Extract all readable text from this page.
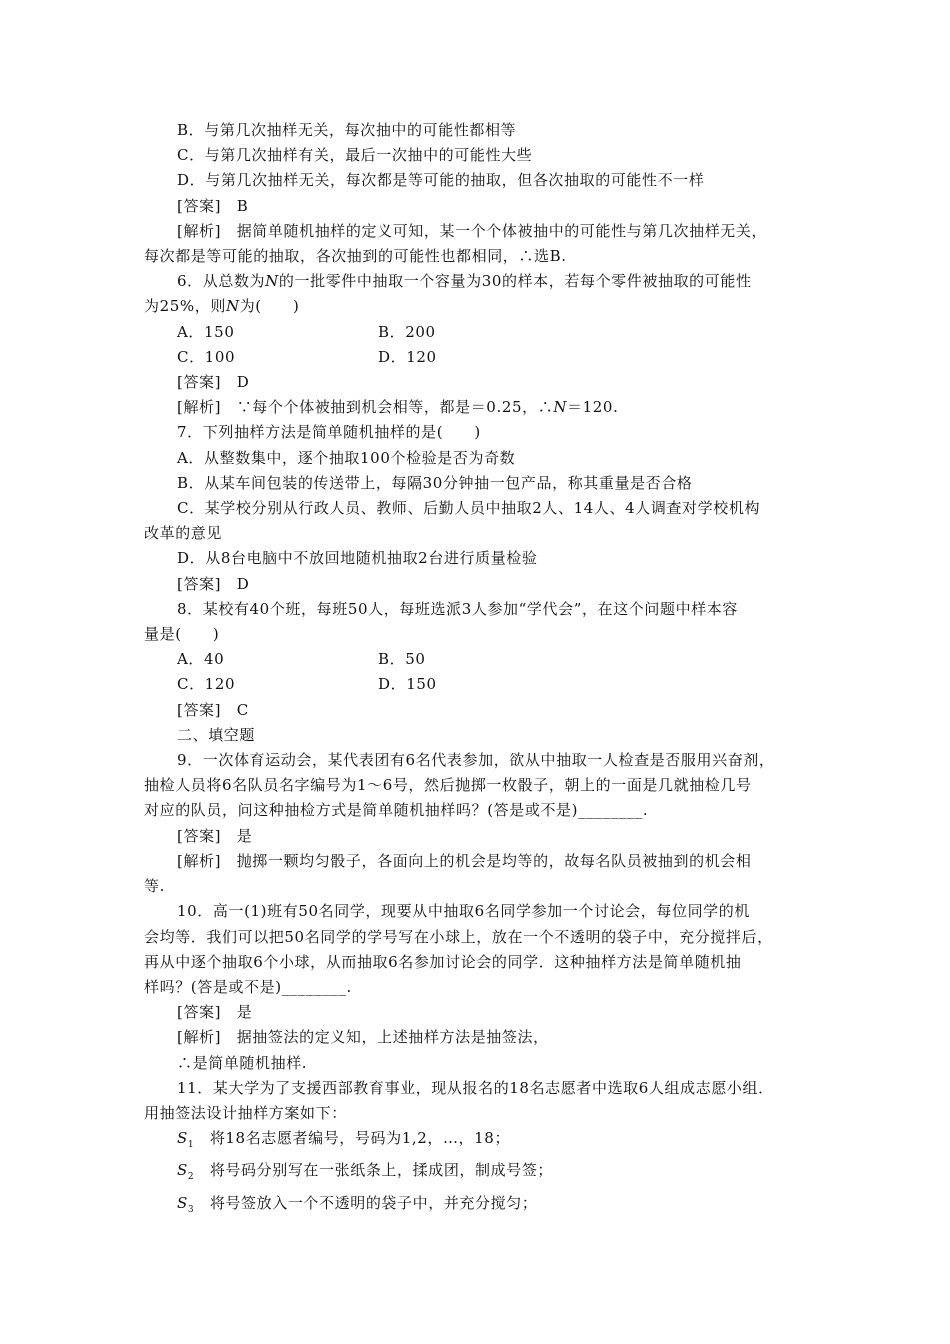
B．与第几次抽样无关，每次抽中的可能性都相等
C．与第几次抽样有关，最后一次抽中的可能性大些
D．与第几次抽样无关，每次都是等可能的抽取，但各次抽取的可能性不一样
[答案]　B
[解析]　据简单随机抽样的定义可知，某一个个体被抽中的可能性与第几次抽样无关，
每次都是等可能的抽取，各次抽到的可能性也都相同，∴选B.
6．从总数为N的一批零件中抽取一个容量为30的样本，若每个零件被抽取的可能性
为25%，则N为(　　)
A．150	B．200
C．100	D．120
[答案]　D
[解析]　∵每个个体被抽到机会相等，都是＝0.25，∴N＝120.
7．下列抽样方法是简单随机抽样的是(　　)
A．从整数集中，逐个抽取100个检验是否为奇数
B．从某车间包装的传送带上，每隔30分钟抽一包产品，称其重量是否合格
C．某学校分别从行政人员、教师、后勤人员中抽取2人、14人、4人调查对学校机构
改革的意见
D．从8台电脑中不放回地随机抽取2台进行质量检验
[答案]　D
8．某校有40个班，每班50人，每班选派3人参加“学代会”，在这个问题中样本容
量是(　　)
A．40	B．50
C．120	D．150
[答案]　C
二、填空题
9．一次体育运动会，某代表团有6名代表参加，欲从中抽取一人检查是否服用兴奋剂，
抽检人员将6名队员名字编号为1～6号，然后抛掷一枚骰子，朝上的一面是几就抽检几号
对应的队员，问这种抽检方式是简单随机抽样吗？(答是或不是)________.
[答案]　是
[解析]　抛掷一颗均匀骰子，各面向上的机会是均等的，故每名队员被抽到的机会相
等.
10．高一(1)班有50名同学，现要从中抽取6名同学参加一个讨论会，每位同学的机
会均等．我们可以把50名同学的学号写在小球上，放在一个不透明的袋子中，充分搅拌后，
再从中逐个抽取6个小球，从而抽取6名参加讨论会的同学．这种抽样方法是简单随机抽
样吗？(答是或不是)________.
[答案]　是
[解析]　据抽签法的定义知，上述抽样方法是抽签法，
∴是简单随机抽样.
11．某大学为了支援西部教育事业，现从报名的18名志愿者中选取6人组成志愿小组．
用抽签法设计抽样方案如下：
$S_1$　将18名志愿者编号，号码为1,2，…，18；
$S_2$　将号码分别写在一张纸条上，揉成团，制成号签；
$S_3$　将号签放入一个不透明的袋子中，并充分搅匀；
